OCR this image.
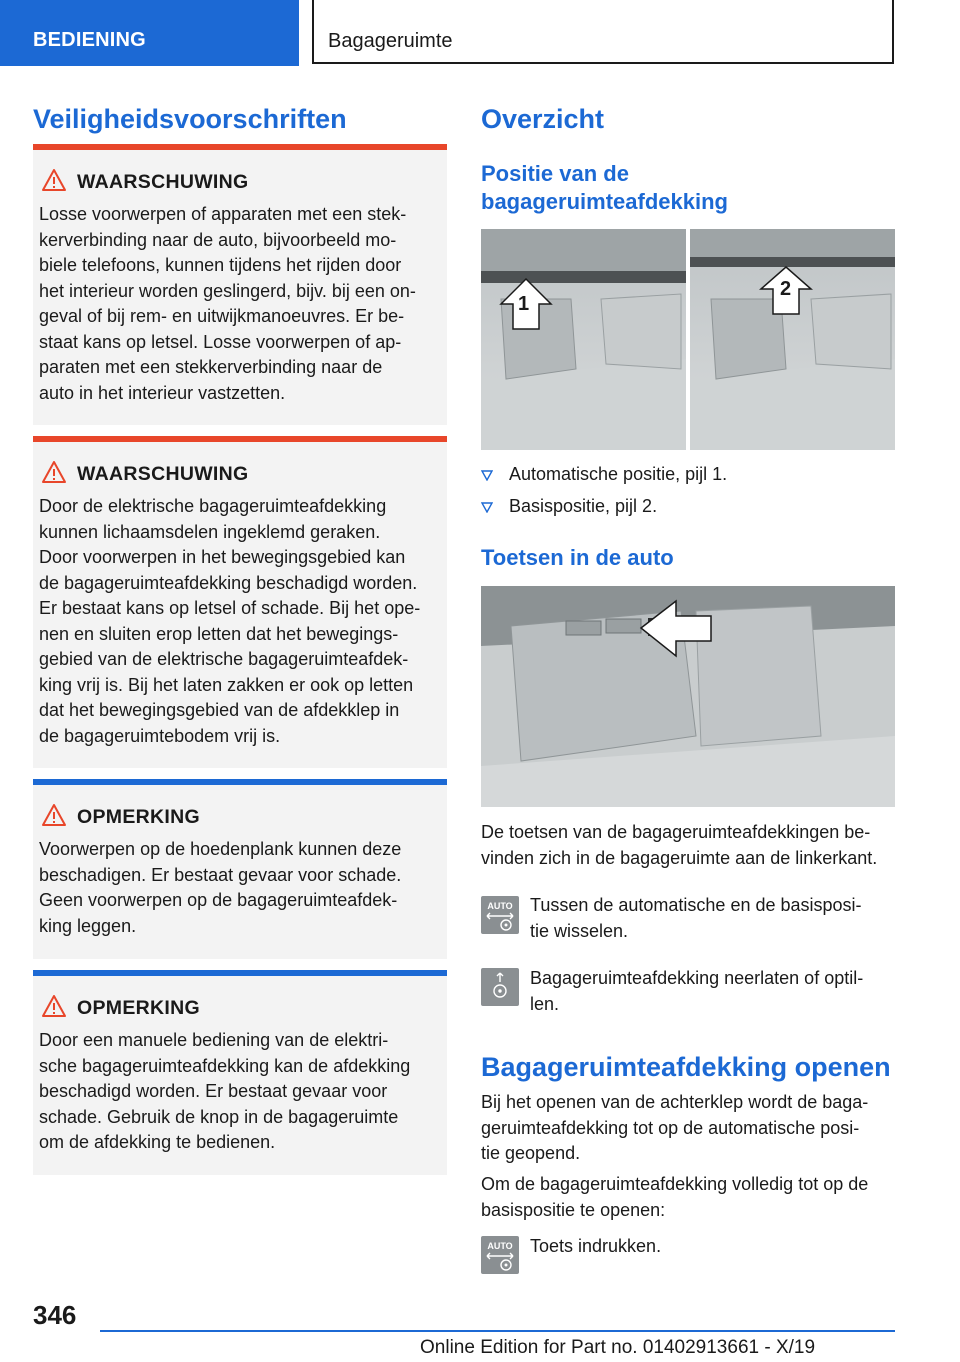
BEDIENING	Bagageruimte
Veiligheidsvoorschriften
WAARSCHUWING
Losse voorwerpen of apparaten met een stek-
kerverbinding naar de auto, bijvoorbeeld mo-
biele telefoons, kunnen tijdens het rijden door
het interieur worden geslingerd, bijv. bij een on-
geval of bij rem- en uitwijkmanoeuvres. Er be-
staat kans op letsel. Losse voorwerpen of ap-
paraten met een stekkerverbinding naar de
auto in het interieur vastzetten.
WAARSCHUWING
Door de elektrische bagageruimteafdekking
kunnen lichaamsdelen ingeklemd geraken.
Door voorwerpen in het bewegingsgebied kan
de bagageruimteafdekking beschadigd worden.
Er bestaat kans op letsel of schade. Bij het ope-
nen en sluiten erop letten dat het bewegings-
gebied van de elektrische bagageruimteafdek-
king vrij is. Bij het laten zakken er ook op letten
dat het bewegingsgebied van de afdekklep in
de bagageruimtebodem vrij is.
OPMERKING
Voorwerpen op de hoedenplank kunnen deze
beschadigen. Er bestaat gevaar voor schade.
Geen voorwerpen op de bagageruimteafdek-
king leggen.
OPMERKING
Door een manuele bediening van de elektri-
sche bagageruimteafdekking kan de afdekking
beschadigd worden. Er bestaat gevaar voor
schade. Gebruik de knop in de bagageruimte
om de afdekking te bedienen.
Overzicht
Positie van de
bagageruimteafdekking
1
2
Automatische positie, pijl 1.
Basispositie, pijl 2.
Toetsen in de auto

De toetsen van de bagageruimteafdekkingen be-

vinden zich in de bagageruimte aan de linkerkant.

AUTO Tussen de automatische en de basisposi-

tie wisselen.

Bagageruimteafdekking neerlaten of optil-

len.

Bagageruimteafdekking openen

Bij het openen van de achterklep wordt de baga-

geruimteafdekking tot op de automatische posi-

tie geopend.

Om de bagageruimteafdekking volledig tot op de

basispositie te openen:

AUTO Toets indrukken.

346
Online Edition for Part no. 01402913661 - X/19
